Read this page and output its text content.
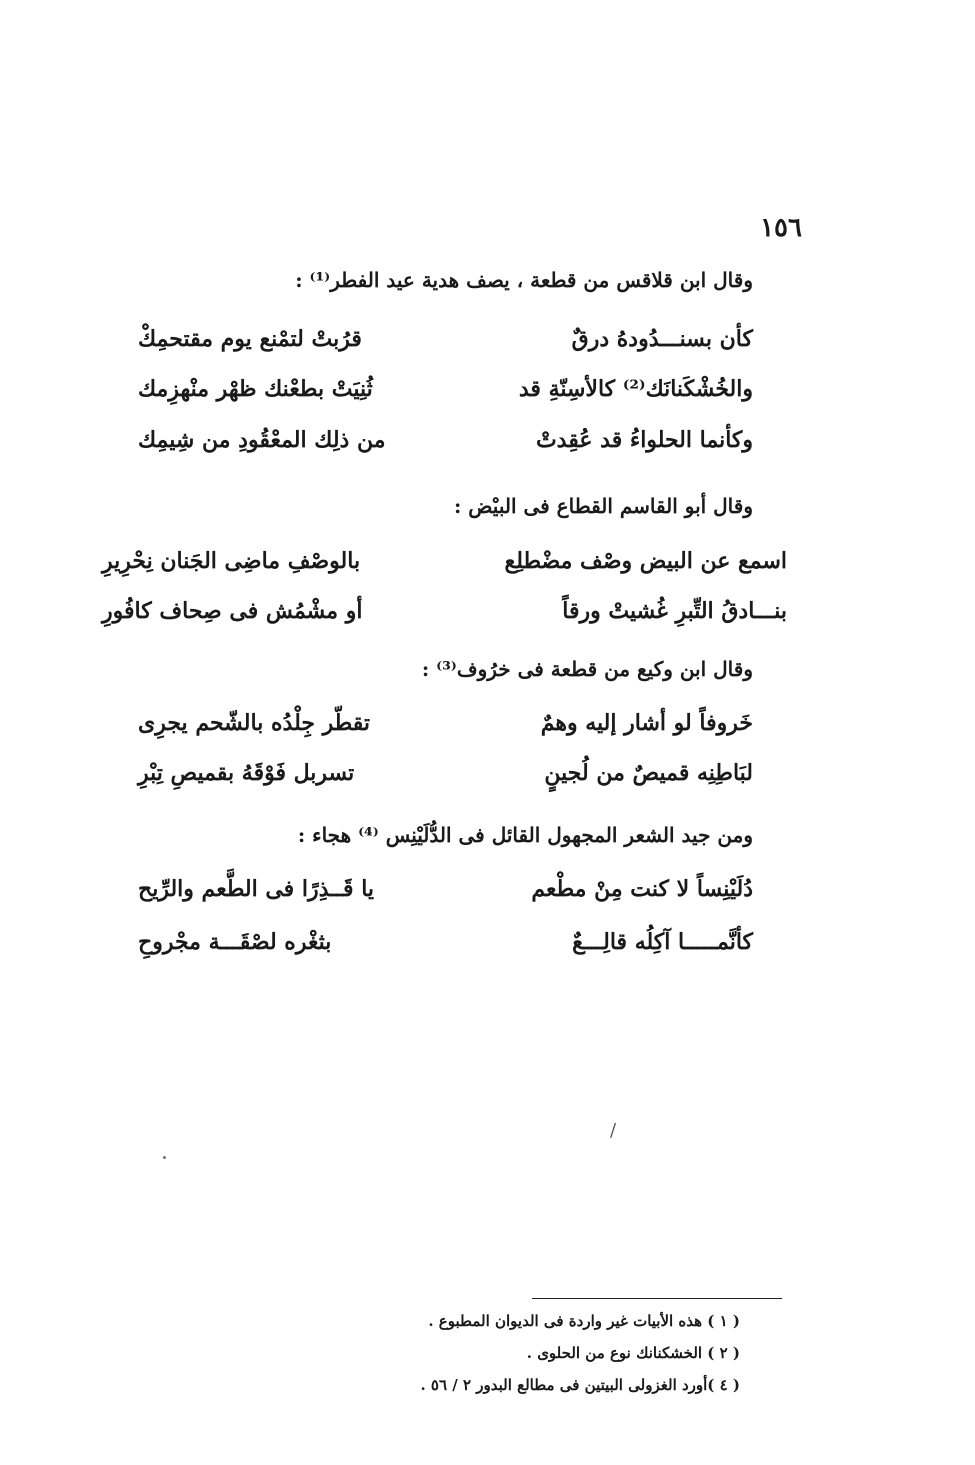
١٥٦
وقال ابن قلاقس من قطعة ، يصف هدية عيد الفطر⁽¹⁾ :
كأن بسنـــدُودهُ درقٌ
قرُبتْ لتمْنع يوم مقتحمِكْ
والخُشْكَنانَك⁽²⁾ كالأسِنّةِ قد
ثُنِيَتْ بطعْنك ظهْر منْهزِمك
وكأنما الحلواءُ قد عُقِدتْ
من ذلِك المعْقُودِ من شِيمِك
وقال أبو القاسم القطاع فى البيْض :
اسمع عن البيض وصْف مضْطلِع
بالوصْفِ ماضِى الجَنان نِحْرِيرِ
بنـــادقُ التِّبرِ غُشيتْ ورقاً
أو مشْمُش فى صِحاف كافُورِ
وقال ابن وكيع من قطعة فى خرُوف⁽³⁾ :
خَروفاً لو أشار إليه وهمٌ
تقطّر جِلْدُه بالشّحم يجرِى
لبَاطِنِه قميصٌ من لُجينٍ
تسربل فَوْقَهُ بقميصِ تِبْرِ
ومن جيد الشعر المجهول القائل فى الدُّلَيْنِس ⁽⁴⁾ هجاء :
دُلَيْنِساً لا كنت مِنْ مطْعم
يا قَــذِرًا فى الطَّعم والرِّيح
كأنَّمـــــا آكِلُه قالِـــعٌ
بثغْره لصْقَـــة مجْروحِ
/
( ١ ) هذه الأبيات غير واردة فى الديوان المطبوع .
( ٢ ) الخشكنانك نوع من الحلوى .
( ٤ )أورد الغزولى البيتين فى مطالع البدور ٢ / ٥٦ .
